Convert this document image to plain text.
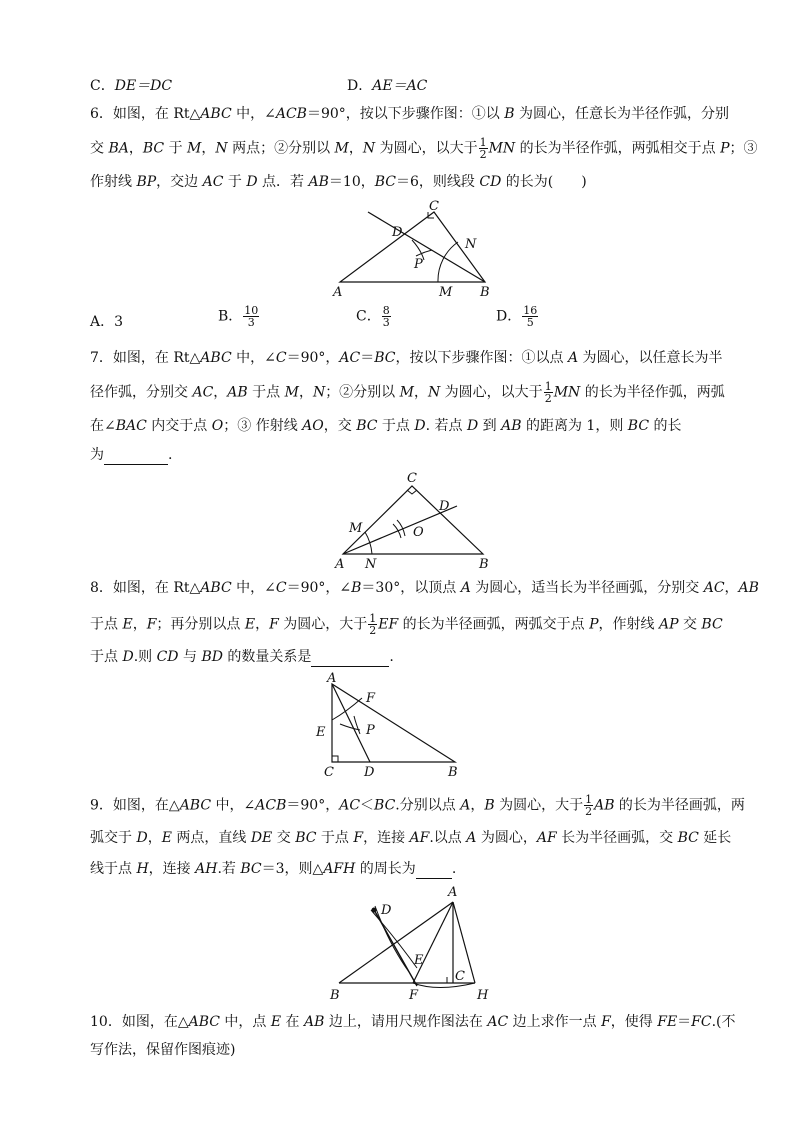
C．DE＝DC	D．AE＝AC
6．如图，在 Rt△ABC 中，∠ACB＝90°，按以下步骤作图：①以 B 为圆心，任意长为半径作弧，分别
交 BA，BC 于 M，N 两点；②分别以 M，N 为圆心，以大于 $\frac{1}{2}$ MN 的长为半径作弧，两弧相交于点 P；③
作射线 BP，交边 AC 于 D 点．若 AB＝10，BC＝6，则线段 CD 的长为(　　)
C
D
N
P
A	M B
A．3	B． $\frac{10}{3}$	C． $\frac{8}{3}$	D． $\frac{16}{5}$
7．如图，在 Rt△ABC 中，∠C＝90°，AC＝BC，按以下步骤作图：①以点 A 为圆心，以任意长为半
径作弧，分别交 AC，AB 于点 M，N；②分别以 M，N 为圆心，以大于 $\frac{1}{2}$ MN 的长为半径作弧，两弧
在∠BAC 内交于点 O；③ 作射线 AO，交 BC 于点 D. 若点 D 到 AB 的距离为 1，则 BC 的长
为	.
C
D
M	O
A N	B
8．如图，在 Rt△ABC 中，∠C＝90°，∠B＝30°，以顶点 A 为圆心，适当长为半径画弧，分别交 AC，AB
于点 E，F；再分别以点 E，F 为圆心，大于 $\frac{1}{2}$ EF 的长为半径画弧，两弧交于点 P，作射线 AP 交 BC
于点 D.则 CD 与 BD 的数量关系是	.
A
F
E	P
C D	B
9．如图，在△ABC 中，∠ACB＝90°，AC＜BC.分别以点 A，B 为圆心，大于 $\frac{1}{2}$ AB 的长为半径画弧，两
弧交于 D，E 两点，直线 DE 交 BC 于点 F，连接 AF.以点 A 为圆心，AF 长为半径画弧，交 BC 延长
线于点 H，连接 AH.若 BC＝3，则△AFH 的周长为	.
A
D
E
C
B	F	H
10．如图，在△ABC 中，点 E 在 AB 边上，请用尺规作图法在 AC 边上求作一点 F，使得 FE＝FC.(不
写作法，保留作图痕迹)
